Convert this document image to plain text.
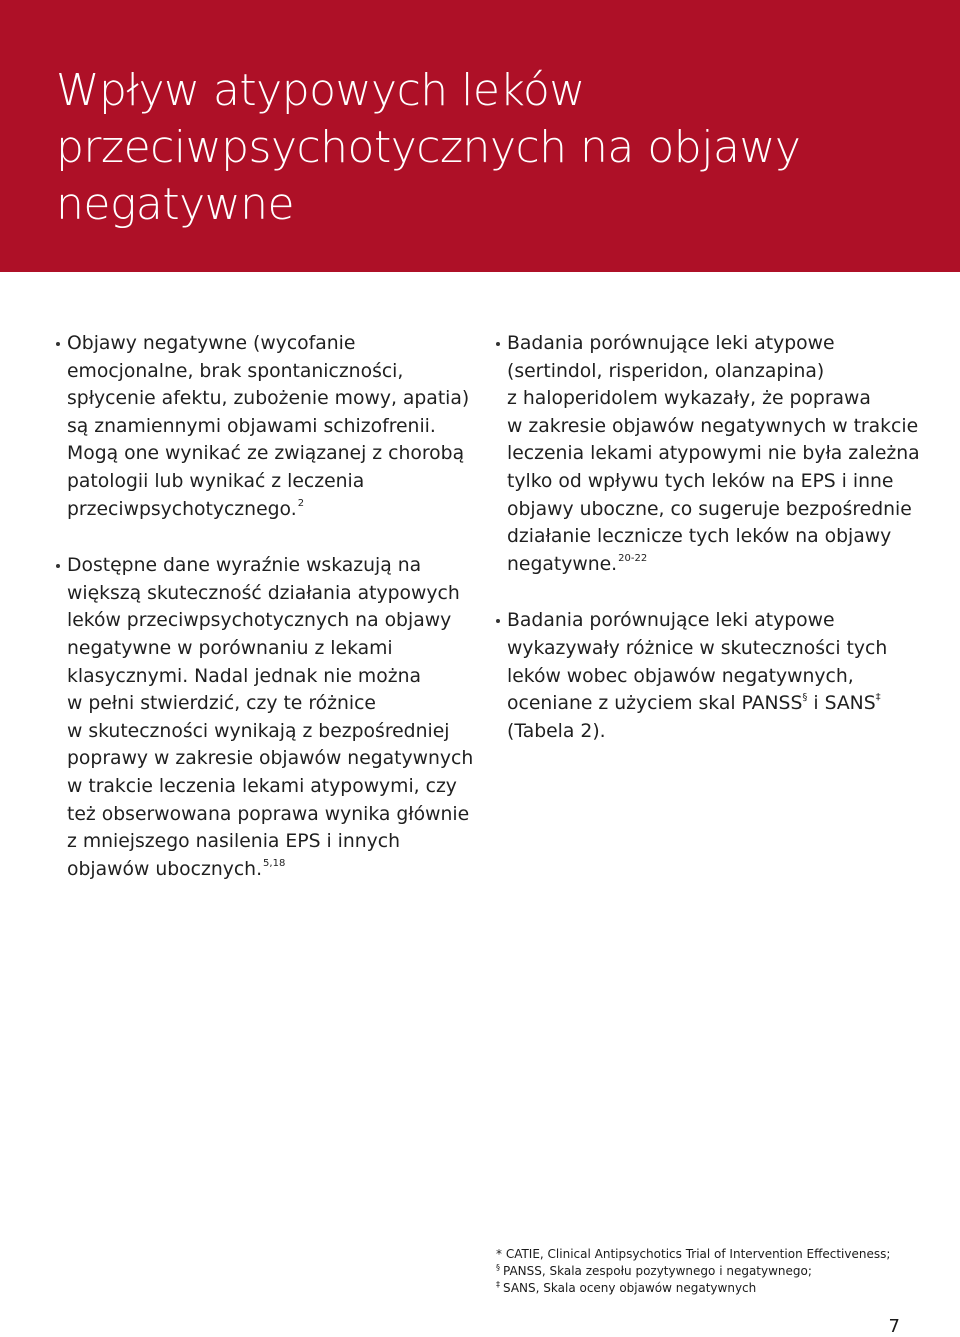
Wpływ atypowych leków
przeciwpsychotycznych na objawy
negatywne

Objawy negatywne (wycofanie
emocjonalne, brak spontaniczności,
spłycenie afektu, zubożenie mowy, apatia)
są znamiennymi objawami schizofrenii.
Mogą one wynikać ze związanej z chorobą
patologii lub wynikać z leczenia
przeciwpsychotycznego.$^2$

Dostępne dane wyraźnie wskazują na
większą skuteczność działania atypowych
leków przeciwpsychotycznych na objawy
negatywne w porównaniu z lekami
klasycznymi. Nadal jednak nie można
w pełni stwierdzić, czy te różnice
w skuteczności wynikają z bezpośredniej
poprawy w zakresie objawów negatywnych
w trakcie leczenia lekami atypowymi, czy
też obserwowana poprawa wynika głównie
z mniejszego nasilenia EPS i innych
objawów ubocznych.$^{5,18}$

Badania porównujące leki atypowe
(sertindol, risperidon, olanzapina)
z haloperidolem wykazały, że poprawa
w zakresie objawów negatywnych w trakcie
leczenia lekami atypowymi nie była zależna
tylko od wpływu tych leków na EPS i inne
objawy uboczne, co sugeruje bezpośrednie
działanie lecznicze tych leków na objawy
negatywne.$^{20-22}$

Badania porównujące leki atypowe
wykazywały różnice w skuteczności tych
leków wobec objawów negatywnych,
oceniane z użyciem skal PANSS§ i SANS‡
(Tabela 2).

* CATIE, Clinical Antipsychotics Trial of Intervention Effectiveness;
§ PANSS, Skala zespołu pozytywnego i negatywnego;
‡ SANS, Skala oceny objawów negatywnych
7
